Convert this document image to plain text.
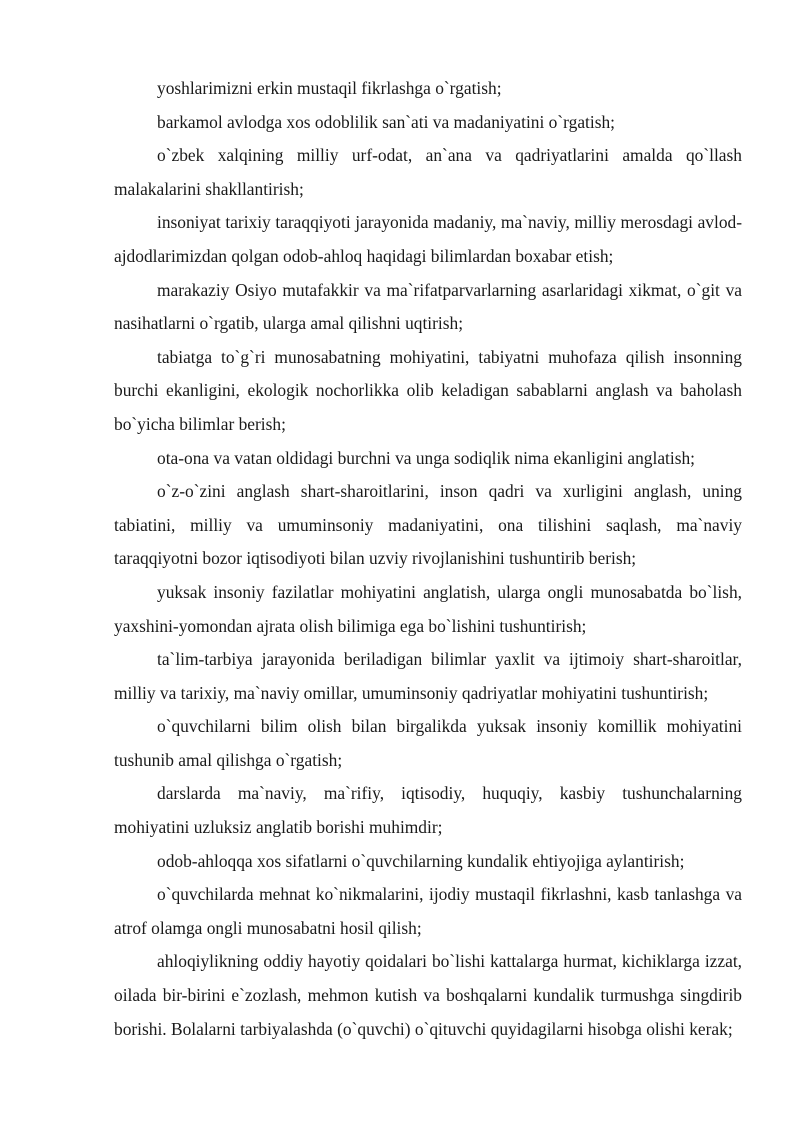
yoshlarimizni erkin mustaqil fikrlashga o`rgatish;

barkamol avlodga xos odoblilik san`ati va madaniyatini o`rgatish;

o`zbek xalqining milliy urf-odat, an`ana va qadriyatlarini amalda qo`llash malakalarini shakllantirish;

insoniyat tarixiy taraqqiyoti jarayonida madaniy, ma`naviy, milliy merosdagi avlod-ajdodlarimizdan qolgan odob-ahloq haqidagi bilimlardan boxabar etish;

marakaziy Osiyo mutafakkir va ma`rifatparvarlarning asarlaridagi xikmat, o`git va nasihatlarni o`rgatib, ularga amal qilishni uqtirish;

tabiatga to`g`ri munosabatning mohiyatini, tabiyatni muhofaza qilish insonning burchi ekanligini, ekologik nochorlikka olib keladigan sabablarni anglash va baholash bo`yicha bilimlar berish;

ota-ona va vatan oldidagi burchni va unga sodiqlik nima ekanligini anglatish;

o`z-o`zini anglash shart-sharoitlarini, inson qadri va xurligini anglash, uning tabiatini, milliy va umuminsoniy madaniyatini, ona tilishini saqlash, ma`naviy taraqqiyotni bozor iqtisodiyoti bilan uzviy rivojlanishini tushuntirib berish;

yuksak insoniy fazilatlar mohiyatini anglatish, ularga ongli munosabatda bo`lish, yaxshini-yomondan ajrata olish bilimiga ega bo`lishini tushuntirish;

ta`lim-tarbiya jarayonida beriladigan bilimlar yaxlit va ijtimoiy shart-sharoitlar, milliy va tarixiy, ma`naviy omillar, umuminsoniy qadriyatlar mohiyatini tushuntirish;

o`quvchilarni bilim olish bilan birgalikda yuksak insoniy komillik mohiyatini tushunib amal qilishga o`rgatish;

darslarda ma`naviy, ma`rifiy, iqtisodiy, huquqiy, kasbiy tushunchalarning mohiyatini uzluksiz anglatib borishi muhimdir;

odob-ahloqqa xos sifatlarni o`quvchilarning kundalik ehtiyojiga aylantirish;

o`quvchilarda mehnat ko`nikmalarini, ijodiy mustaqil fikrlashni, kasb tanlashga va atrof olamga ongli munosabatni hosil qilish;

ahloqiylikning oddiy hayotiy qoidalari bo`lishi kattalarga hurmat, kichiklarga izzat, oilada bir-birini e`zozlash, mehmon kutish va boshqalarni kundalik turmushga singdirib borishi. Bolalarni tarbiyalashda (o`quvchi) o`qituvchi quyidagilarni hisobga olishi kerak;
